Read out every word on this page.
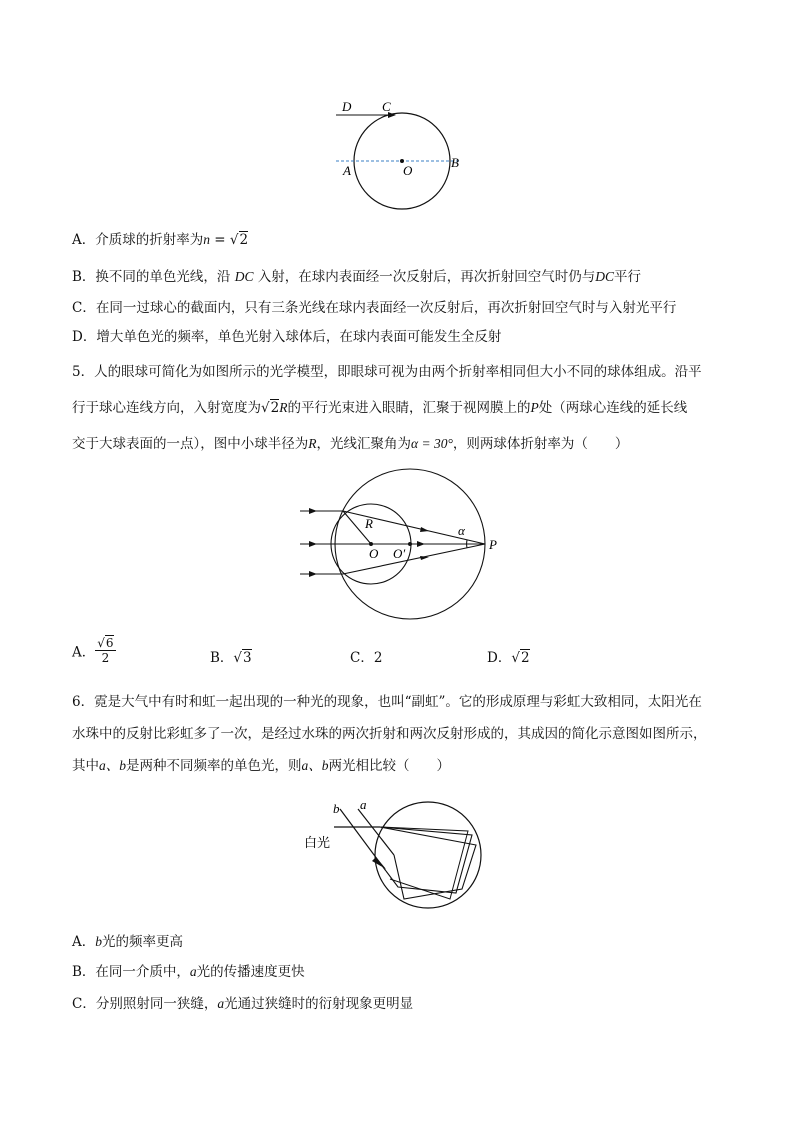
D C
A	O
B
A．介质球的折射率为n = √2
B．换不同的单色光线，沿 DC 入射，在球内表面经一次反射后，再次折射回空气时仍与DC平行
C．在同一过球心的截面内，只有三条光线在球内表面经一次反射后，再次折射回空气时与入射光平行
D．增大单色光的频率，单色光射入球体后，在球内表面可能发生全反射
5．人的眼球可简化为如图所示的光学模型，即眼球可视为由两个折射率相同但大小不同的球体组成。沿平
行于球心连线方向，入射宽度为√2R的平行光束进入眼睛，汇聚于视网膜上的P处（两球心连线的延长线
交于大球表面的一点），图中小球半径为R，光线汇聚角为α = 30°，则两球体折射率为（　　）
R
O O′
α
P
A． $\frac{√6}{2}$	B．√3	C．2	D．√2
6．霓是大气中有时和虹一起出现的一种光的现象，也叫“副虹”。它的形成原理与彩虹大致相同，太阳光在
水珠中的反射比彩虹多了一次，是经过水珠的两次折射和两次反射形成的，其成因的简化示意图如图所示，
其中a、b是两种不同频率的单色光，则a、b两光相比较（　　）
b a
白光
A．b光的频率更高
B．在同一介质中，a光的传播速度更快
C．分别照射同一狭缝，a光通过狭缝时的衍射现象更明显
